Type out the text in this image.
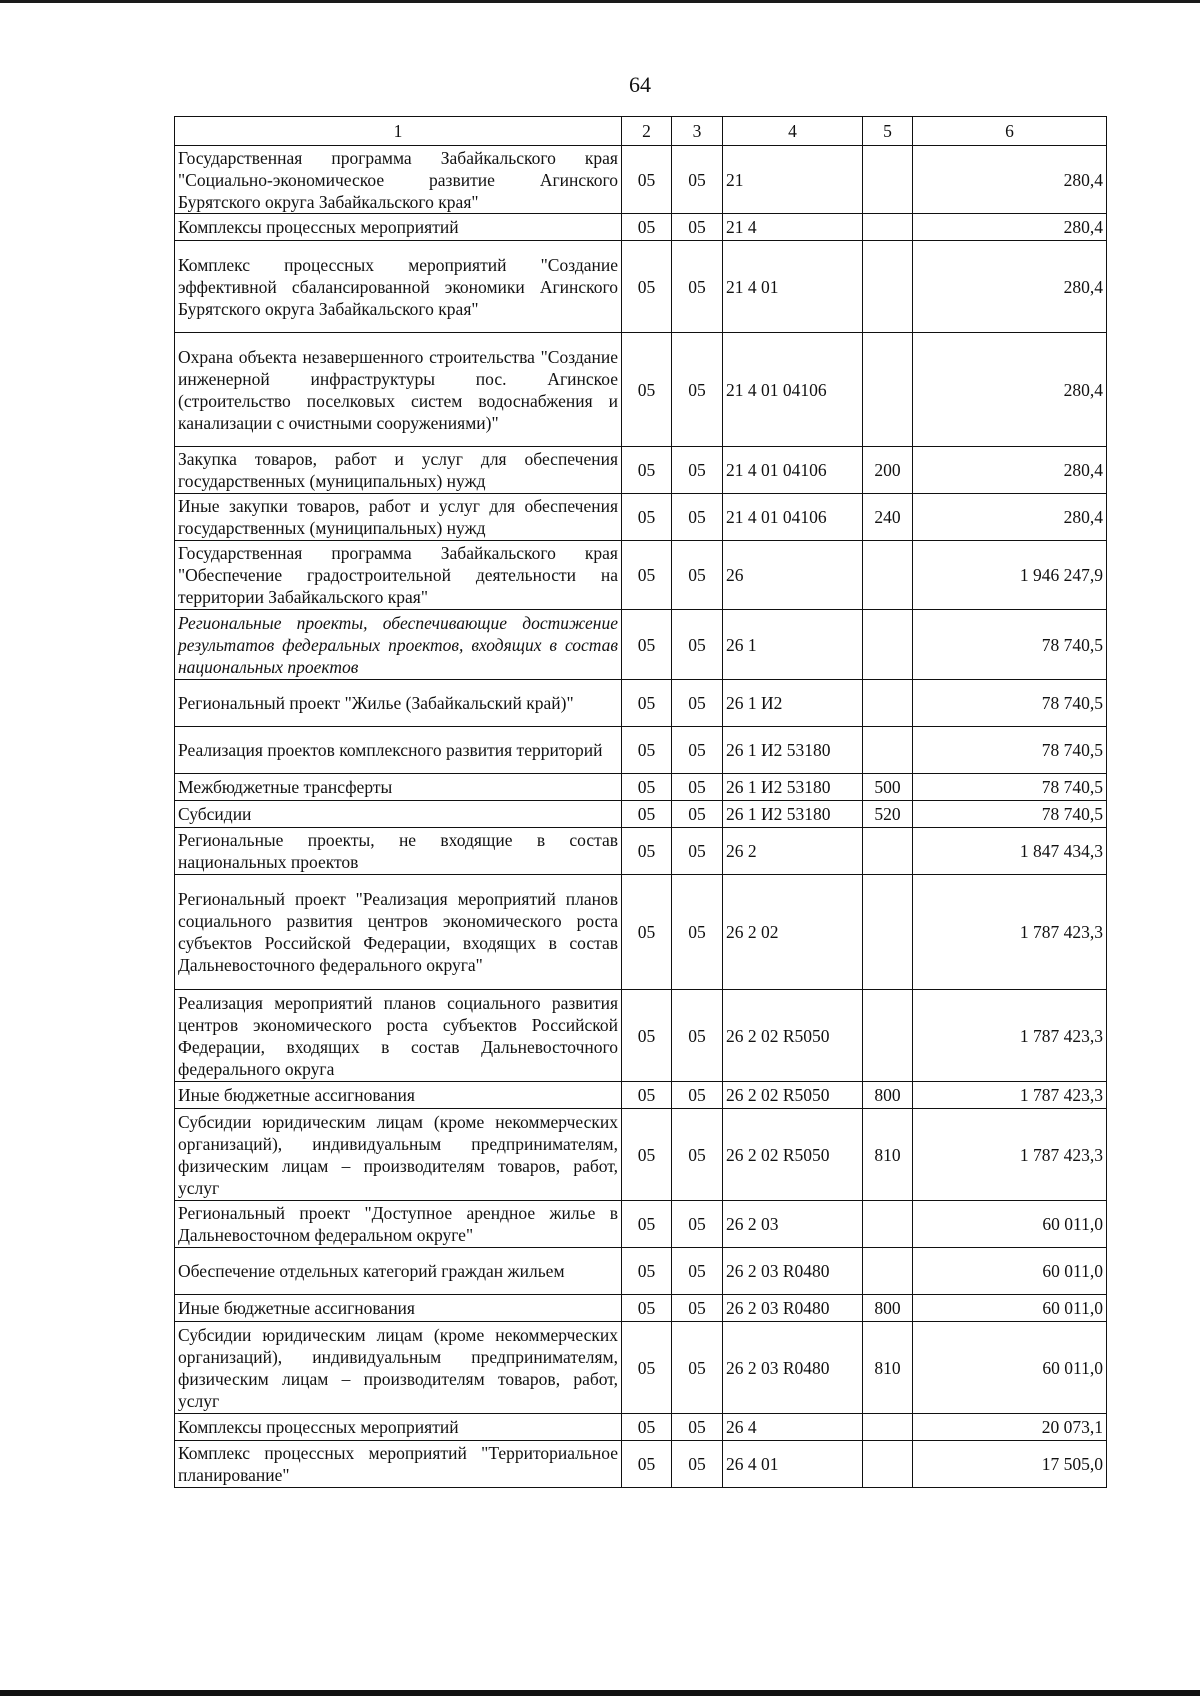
64
1	2	3	4	5	6
Государственная программа Забайкальского края "Социально-экономическое развитие Агинского Бурятского округа Забайкальского края"	05	05	21		280,4
Комплексы процессных мероприятий	05	05	21 4		280,4
Комплекс процессных мероприятий "Создание эффективной сбалансированной экономики Агинского Бурятского округа Забайкальского края"	05	05	21 4 01		280,4
Охрана объекта незавершенного строительства "Создание инженерной инфраструктуры пос. Агинское (строительство поселковых систем водоснабжения и канализации с очистными сооружениями)"	05	05	21 4 01 04106		280,4
Закупка товаров, работ и услуг для обеспечения государственных (муниципальных) нужд	05	05	21 4 01 04106	200	280,4
Иные закупки товаров, работ и услуг для обеспечения государственных (муниципальных) нужд	05	05	21 4 01 04106	240	280,4
Государственная программа Забайкальского края "Обеспечение градостроительной деятельности на территории Забайкальского края"	05	05	26		1 946 247,9
Региональные проекты, обеспечивающие достижение результатов федеральных проектов, входящих в состав национальных проектов	05	05	26 1		78 740,5
Региональный проект "Жилье (Забайкальский край)"	05	05	26 1 И2		78 740,5
Реализация проектов комплексного развития территорий	05	05	26 1 И2 53180		78 740,5
Межбюджетные трансферты	05	05	26 1 И2 53180	500	78 740,5
Субсидии	05	05	26 1 И2 53180	520	78 740,5
Региональные проекты, не входящие в состав национальных проектов	05	05	26 2		1 847 434,3
Региональный проект "Реализация мероприятий планов социального развития центров экономического роста субъектов Российской Федерации, входящих в состав Дальневосточного федерального округа"	05	05	26 2 02		1 787 423,3
Реализация мероприятий планов социального развития центров экономического роста субъектов Российской Федерации, входящих в состав Дальневосточного федерального округа	05	05	26 2 02 R5050		1 787 423,3
Иные бюджетные ассигнования	05	05	26 2 02 R5050	800	1 787 423,3
Субсидии юридическим лицам (кроме некоммерческих организаций), индивидуальным предпринимателям, физическим лицам – производителям товаров, работ, услуг	05	05	26 2 02 R5050	810	1 787 423,3
Региональный проект "Доступное арендное жилье в Дальневосточном федеральном округе"	05	05	26 2 03		60 011,0
Обеспечение отдельных категорий граждан жильем	05	05	26 2 03 R0480		60 011,0
Иные бюджетные ассигнования	05	05	26 2 03 R0480	800	60 011,0
Субсидии юридическим лицам (кроме некоммерческих организаций), индивидуальным предпринимателям, физическим лицам – производителям товаров, работ, услуг	05	05	26 2 03 R0480	810	60 011,0
Комплексы процессных мероприятий	05	05	26 4		20 073,1
Комплекс процессных мероприятий "Территориальное планирование"	05	05	26 4 01		17 505,0
